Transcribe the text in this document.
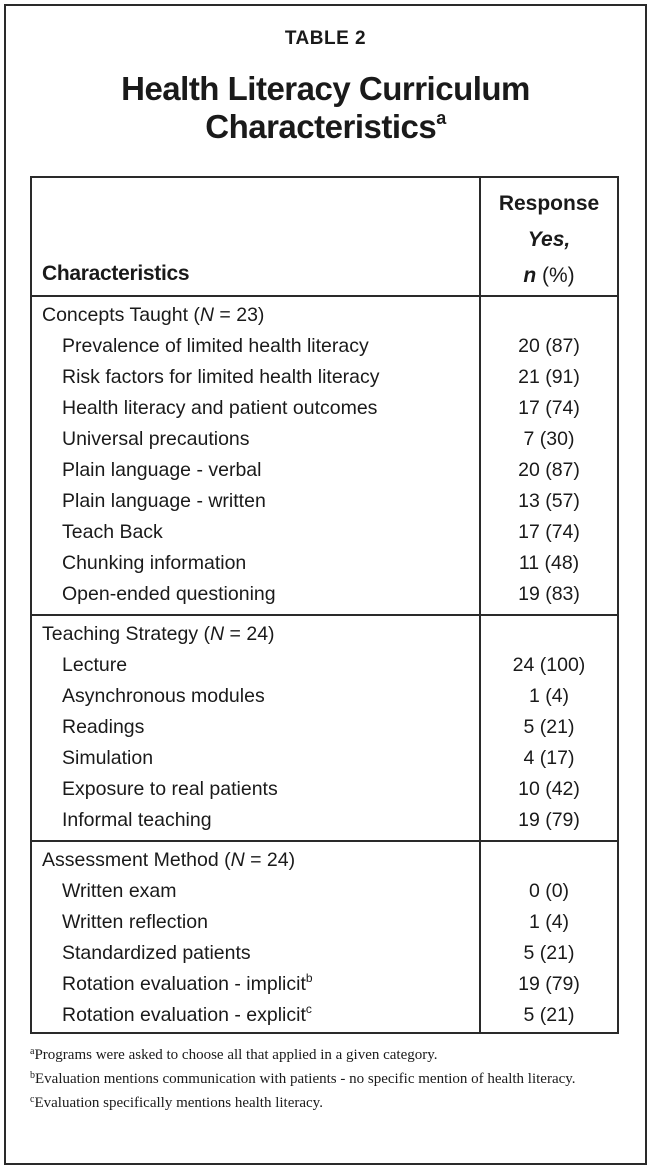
TABLE 2
Health Literacy Curriculum
Characteristics$^a$
Characteristics
Response
Yes,
n (%)
Concepts Taught (N = 23)
Prevalence of limited health literacy	20 (87)
Risk factors for limited health literacy	21 (91)
Health literacy and patient outcomes	17 (74)
Universal precautions	7 (30)
Plain language - verbal	20 (87)
Plain language - written	13 (57)
Teach Back	17 (74)
Chunking information	11 (48)
Open-ended questioning	19 (83)
Teaching Strategy (N = 24)
Lecture	24 (100)
Asynchronous modules	1 (4)
Readings	5 (21)
Simulation	4 (17)
Exposure to real patients	10 (42)
Informal teaching	19 (79)
Assessment Method (N = 24)
Written exam	0 (0)
Written reflection	1 (4)
Standardized patients	5 (21)
Rotation evaluation - implicit$^b$	19 (79)
Rotation evaluation - explicit$^c$	5 (21)

$^a$Programs were asked to choose all that applied in a given category.

$^b$Evaluation mentions communication with patients - no specific mention of health literacy.

$^c$Evaluation specifically mentions health literacy.
